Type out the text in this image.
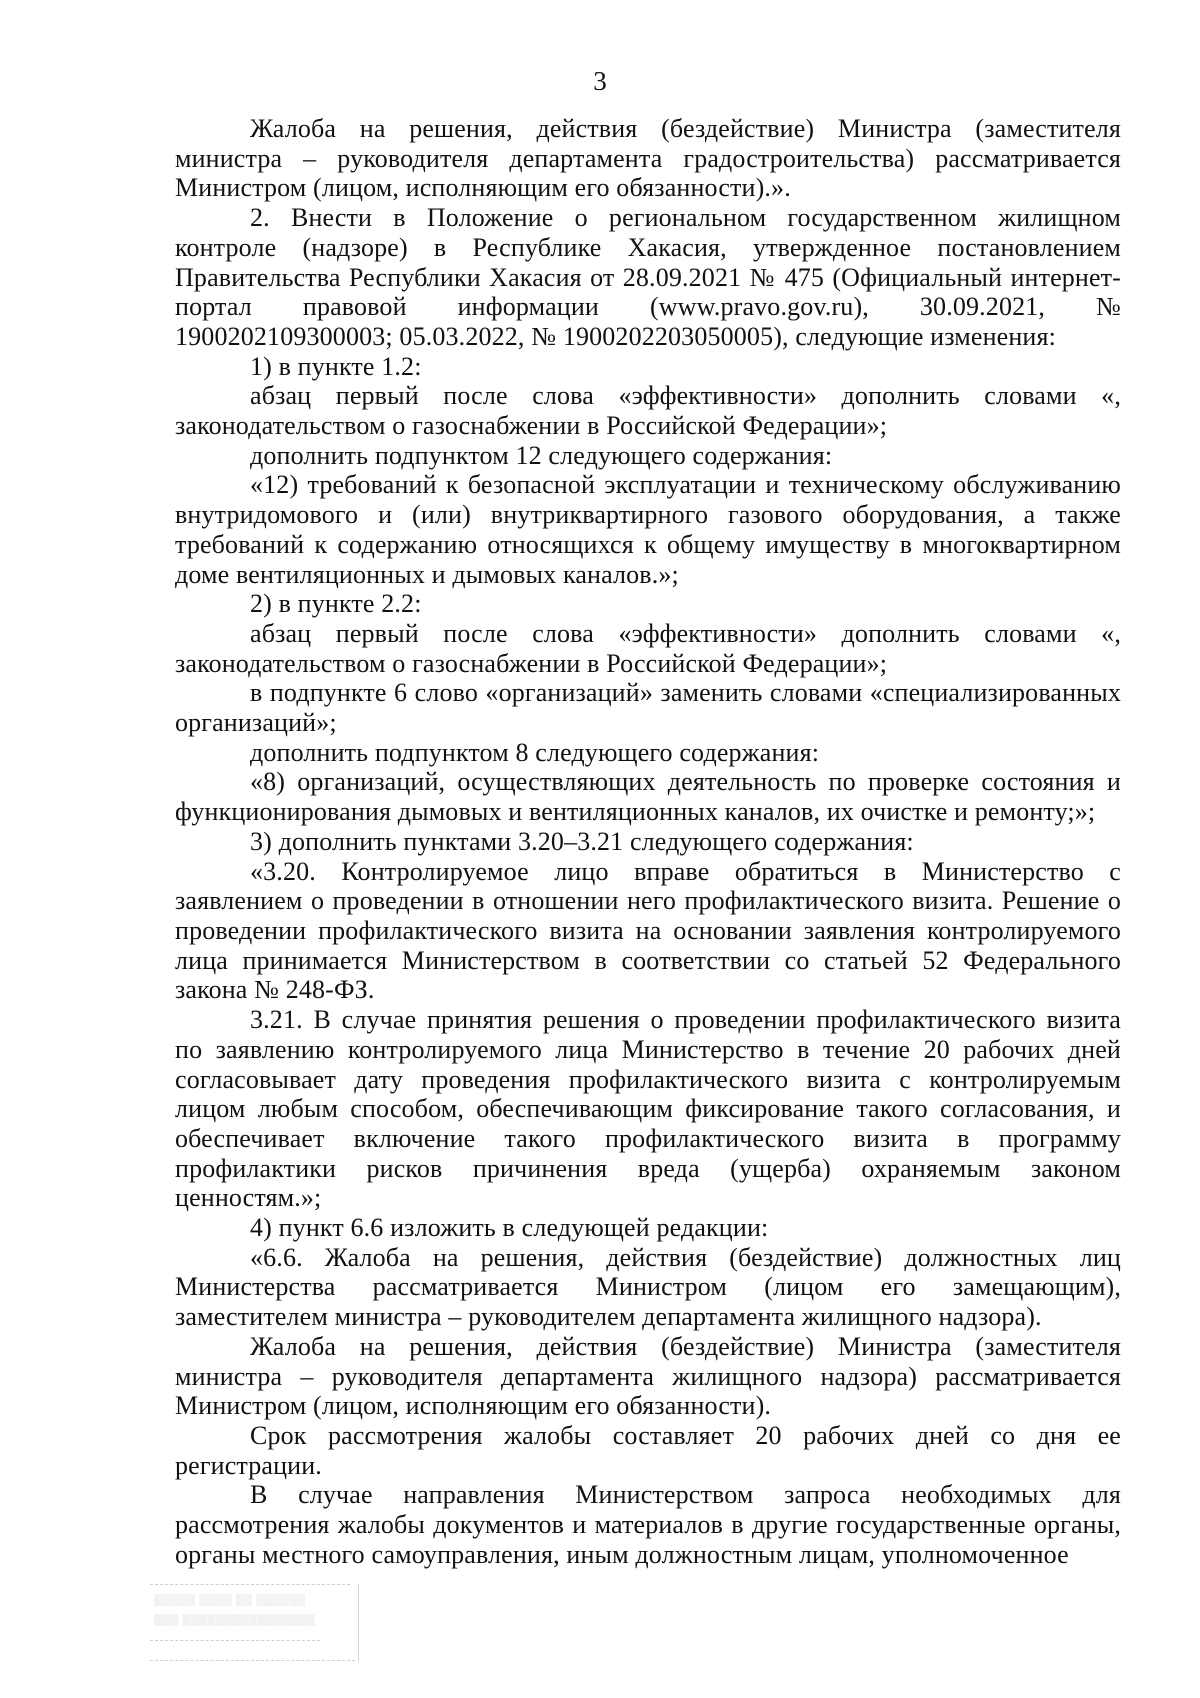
3

Жалоба на решения, действия (бездействие) Министра (заместителя министра – руководителя департамента градостроительства) рассматривается Министром (лицом, исполняющим его обязанности).».

2. Внести в Положение о региональном государственном жилищном контроле (надзоре) в Республике Хакасия, утвержденное постановлением Правительства Республики Хакасия от 28.09.2021 № 475 (Официальный интернет-портал правовой информации (www.pravo.gov.ru), 30.09.2021, № 1900202109300003; 05.03.2022, № 1900202203050005), следующие изменения:

1) в пункте 1.2:

абзац первый после слова «эффективности» дополнить словами «, законодательством о газоснабжении в Российской Федерации»;

дополнить подпунктом 12 следующего содержания:

«12) требований к безопасной эксплуатации и техническому обслуживанию внутридомового и (или) внутриквартирного газового оборудования, а также требований к содержанию относящихся к общему имуществу в многоквартирном доме вентиляционных и дымовых каналов.»;

2) в пункте 2.2:

абзац первый после слова «эффективности» дополнить словами «, законодательством о газоснабжении в Российской Федерации»;

в подпункте 6 слово «организаций» заменить словами «специализированных организаций»;

дополнить подпунктом 8 следующего содержания:

«8) организаций, осуществляющих деятельность по проверке состояния и функционирования дымовых и вентиляционных каналов, их очистке и ремонту;»;

3) дополнить пунктами 3.20–3.21 следующего содержания:

«3.20. Контролируемое лицо вправе обратиться в Министерство с заявлением о проведении в отношении него профилактического визита. Решение о проведении профилактического визита на основании заявления контролируемого лица принимается Министерством в соответствии со статьей 52 Федерального закона № 248-ФЗ.

3.21. В случае принятия решения о проведении профилактического визита по заявлению контролируемого лица Министерство в течение 20 рабочих дней согласовывает дату проведения профилактического визита с контролируемым лицом любым способом, обеспечивающим фиксирование такого согласования, и обеспечивает включение такого профилактического визита в программу профилактики рисков причинения вреда (ущерба) охраняемым законом ценностям.»;

4) пункт 6.6 изложить в следующей редакции:

«6.6. Жалоба на решения, действия (бездействие) должностных лиц Министерства рассматривается Министром (лицом его замещающим), заместителем министра – руководителем департамента жилищного надзора).

Жалоба на решения, действия (бездействие) Министра (заместителя министра – руководителя департамента жилищного надзора) рассматривается Министром (лицом, исполняющим его обязанности).

Срок рассмотрения жалобы составляет 20 рабочих дней со дня ее регистрации.

В случае направления Министерством запроса необходимых для рассмотрения жалобы документов и материалов в другие государственные органы, органы местного самоуправления, иным должностным лицам, уполномоченное

▒▒▒▒▒ ▒▒▒▒ ▒▒ ▒▒▒▒▒▒
▒▒▒ ▒▒▒▒▒▒▒▒▒▒▒▒▒▒▒▒
